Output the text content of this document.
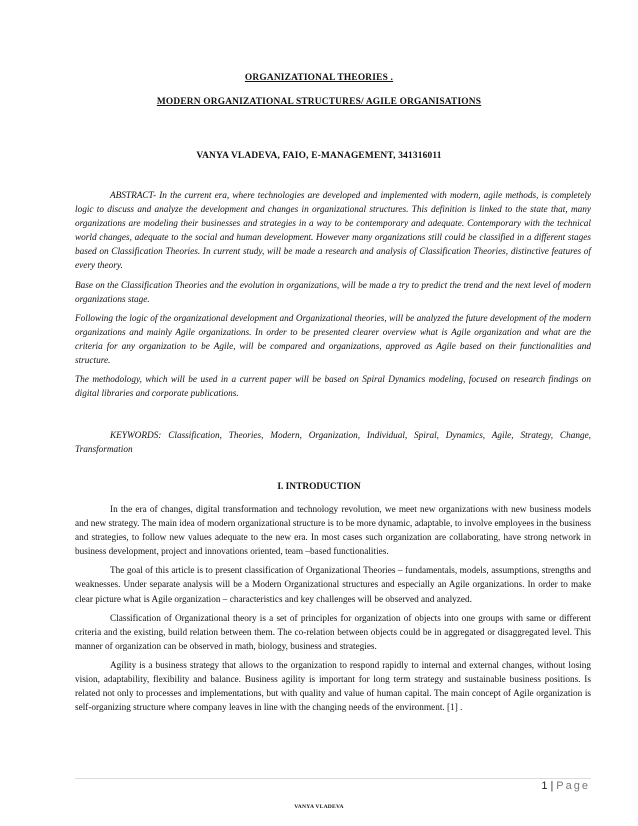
ORGANIZATIONAL THEORIES .
MODERN ORGANIZATIONAL STRUCTURES/ AGILE ORGANISATIONS
VANYA VLADEVA, FAIO, E-MANAGEMENT, 341316011

ABSTRACT- In the current era, where technologies are developed and implemented with modern, agile methods, is completely logic to discuss and analyze the development and changes in organizational structures. This definition is linked to the state that, many organizations are modeling their businesses and strategies in a way to be contemporary and adequate. Contemporary with the technical world changes, adequate to the social and human development. However many organizations still could be classified in a different stages based on Classification Theories. In current study, will be made a research and analysis of Classification Theories, distinctive features of every theory.

Base on the Classification Theories and the evolution in organizations, will be made a try to predict the trend and the next level of modern organizations stage.

Following the logic of the organizational development and Organizational theories, will be analyzed the future development of the modern organizations and mainly Agile organizations. In order to be presented clearer overview what is Agile organization and what are the criteria for any organization to be Agile, will be compared and organizations, approved as Agile based on their functionalities and structure.

The methodology, which will be used in a current paper will be based on Spiral Dynamics modeling, focused on research findings on digital libraries and corporate publications.

KEYWORDS: Classification, Theories, Modern, Organization, Individual, Spiral, Dynamics, Agile, Strategy, Change, Transformation
I. INTRODUCTION

In the era of changes, digital transformation and technology revolution, we meet new organizations with new business models and new strategy. The main idea of modern organizational structure is to be more dynamic, adaptable, to involve employees in the business and strategies, to follow new values adequate to the new era. In most cases such organization are collaborating, have strong network in business development, project and innovations oriented, team –based functionalities.

The goal of this article is to present classification of Organizational Theories – fundamentals, models, assumptions, strengths and weaknesses. Under separate analysis will be a Modern Organizational structures and especially an Agile organizations. In order to make clear picture what is Agile organization – characteristics and key challenges will be observed and analyzed.

Classification of Organizational theory is a set of principles for organization of objects into one groups with same or different criteria and the existing, build relation between them. The co-relation between objects could be in aggregated or disaggregated level. This manner of organization can be observed in math, biology, business and strategies.

Agility is a business strategy that allows to the organization to respond rapidly to internal and external changes, without losing vision, adaptability, flexibility and balance. Business agility is important for long term strategy and sustainable business positions. Is related not only to processes and implementations, but with quality and value of human capital. The main concept of Agile organization is self-organizing structure where company leaves in line with the changing needs of the environment. [1] .

1 | Page
VANYA VLADEVA
